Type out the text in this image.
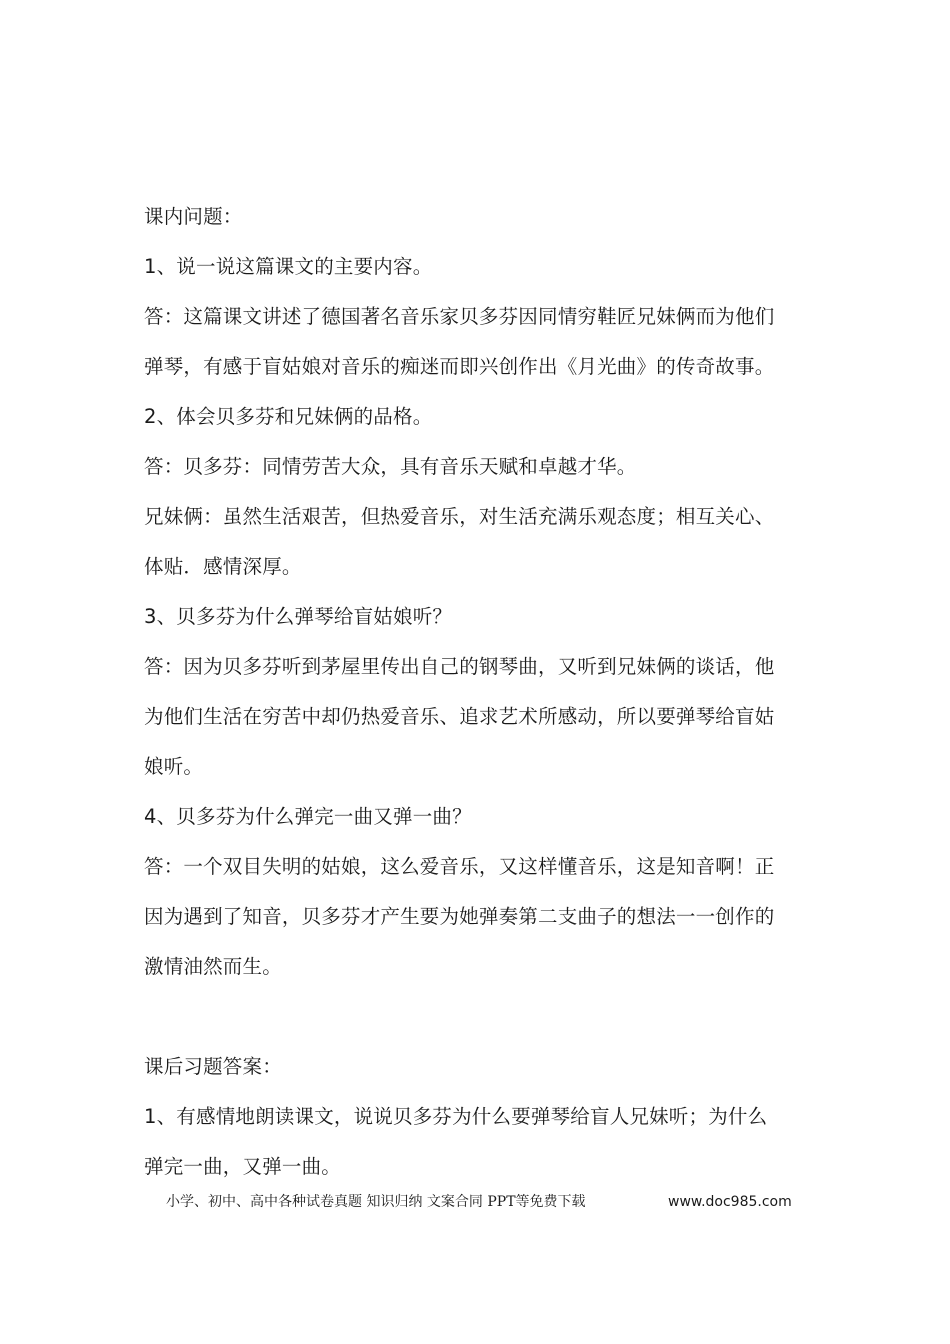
课内问题：
1、说一说这篇课文的主要内容。
答：这篇课文讲述了德国著名音乐家贝多芬因同情穷鞋匠兄妹俩而为他们
弹琴，有感于盲姑娘对音乐的痴迷而即兴创作出《月光曲》的传奇故事。
2、体会贝多芬和兄妹俩的品格。
答：贝多芬：同情劳苦大众，具有音乐天赋和卓越才华。
兄妹俩：虽然生活艰苦，但热爱音乐，对生活充满乐观态度；相互关心、
体贴．感情深厚。
3、贝多芬为什么弹琴给盲姑娘听？
答：因为贝多芬听到茅屋里传出自己的钢琴曲，又听到兄妹俩的谈话，他
为他们生活在穷苦中却仍热爱音乐、追求艺术所感动，所以要弹琴给盲姑
娘听。
4、贝多芬为什么弹完一曲又弹一曲？
答：一个双目失明的姑娘，这么爱音乐，又这样懂音乐，这是知音啊！正
因为遇到了知音，贝多芬才产生要为她弹奏第二支曲子的想法一一创作的
激情油然而生。
课后习题答案：
1、有感情地朗读课文，说说贝多芬为什么要弹琴给盲人兄妹听；为什么
弹完一曲，又弹一曲。
小学、初中、高中各种试卷真题 知识归纳 文案合同 PPT等免费下载	www.doc985.com
